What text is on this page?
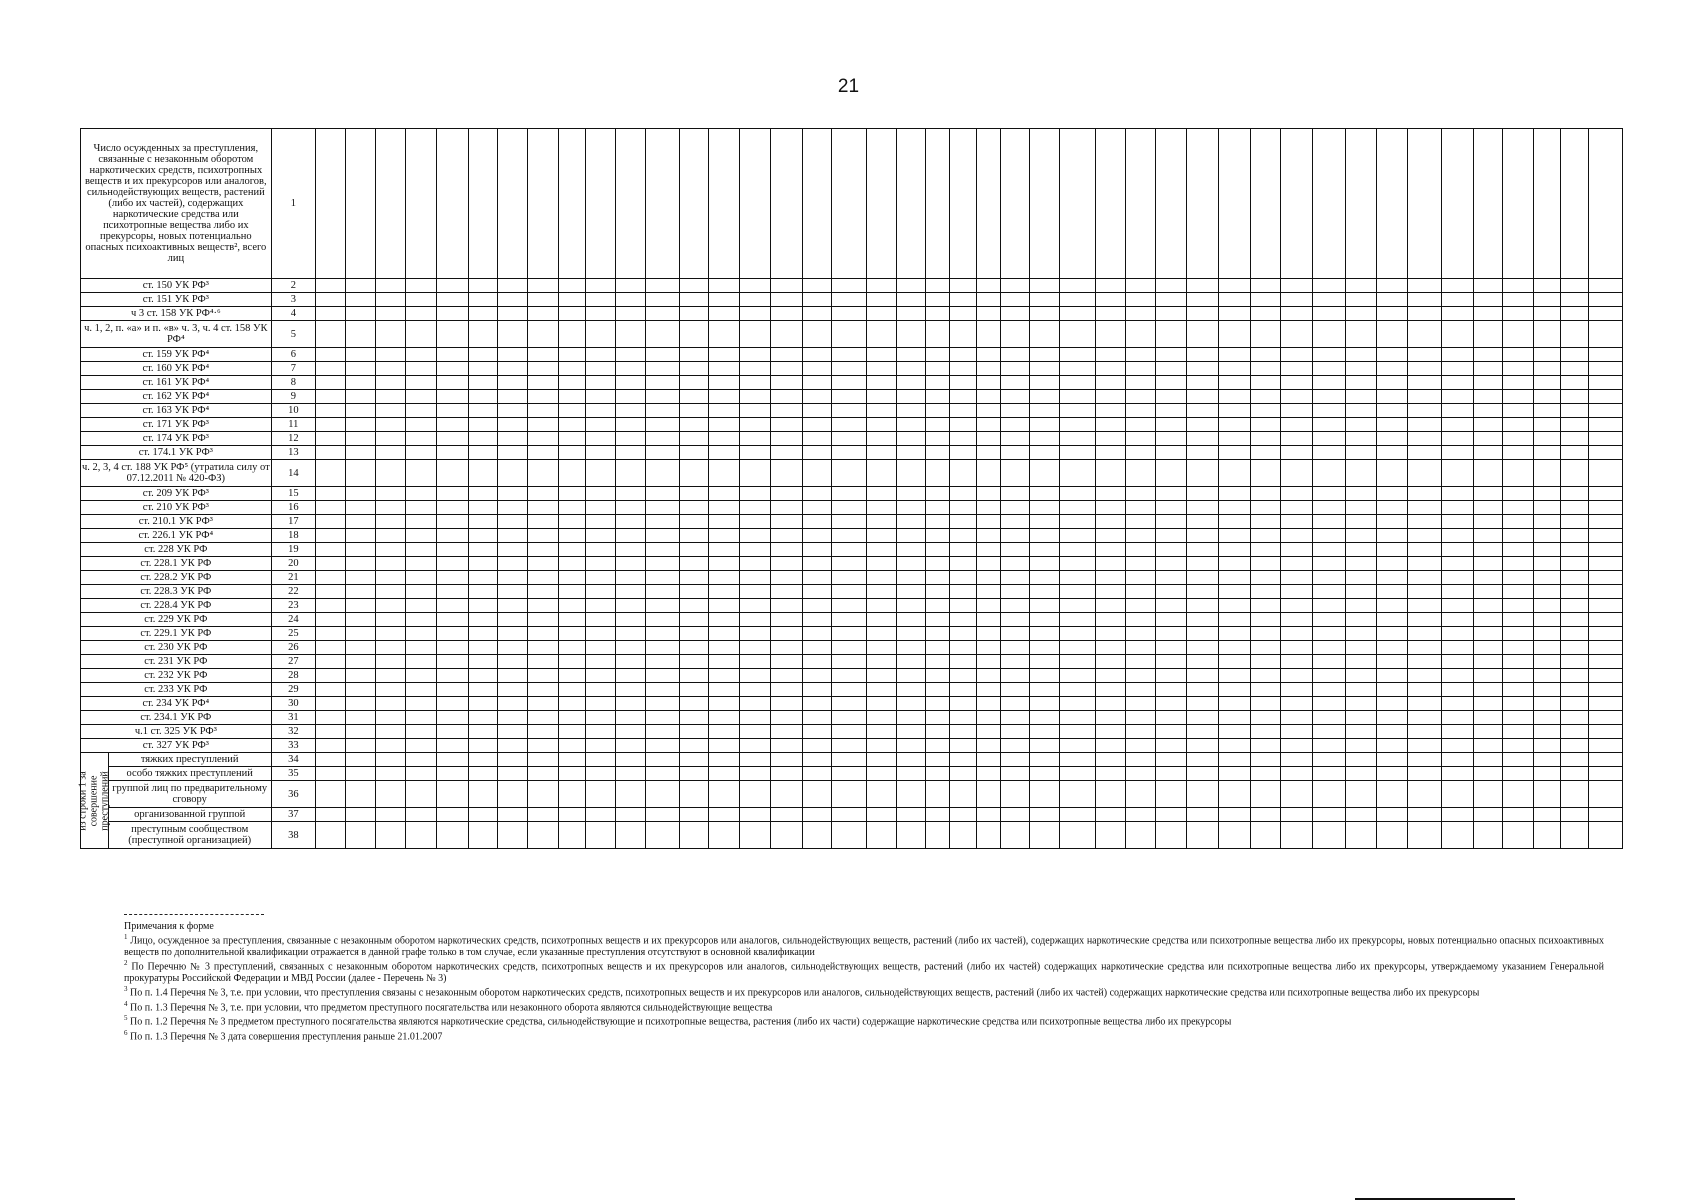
21
Число осужденных за преступления, связанные с незаконным оборотом наркотических средств, психотропных веществ и их прекурсоров или аналогов, сильнодействующих веществ, растений (либо их частей), содержащих наркотические средства или психотропные вещества либо их прекурсоры, новых потенциально опасных психоактивных веществ², всего лиц		1																																											
ст. 150 УК РФ³		2																																											
ст. 151 УК РФ³		3																																											
ч 3 ст. 158 УК РФ⁴·⁶		4																																											
ч. 1, 2, п. «а» и п. «в» ч. 3, ч. 4 ст. 158 УК РФ⁴		5																																											
ст. 159 УК РФ⁴		6																																											
ст. 160 УК РФ⁴		7																																											
ст. 161 УК РФ⁴		8																																											
ст. 162 УК РФ⁴		9																																											
ст. 163 УК РФ⁴		10																																											
ст. 171 УК РФ³		11																																											
ст. 174 УК РФ³		12																																											
ст. 174.1 УК РФ³		13																																											
ч. 2, 3, 4 ст. 188 УК РФ⁵ (утратила силу от 07.12.2011 № 420-ФЗ)		14																																											
ст. 209 УК РФ³		15																																											
ст. 210 УК РФ³		16																																											
ст. 210.1 УК РФ³		17																																											
ст. 226.1 УК РФ⁴		18																																											
ст. 228 УК РФ		19																																											
ст. 228.1 УК РФ		20																																											
ст. 228.2 УК РФ		21																																											
ст. 228.3 УК РФ		22																																											
ст. 228.4 УК РФ		23																																											
ст. 229 УК РФ		24																																											
ст. 229.1 УК РФ		25																																											
ст. 230 УК РФ		26																																											
ст. 231 УК РФ		27																																											
ст. 232 УК РФ		28																																											
ст. 233 УК РФ		29																																											
ст. 234 УК РФ⁴		30																																											
ст. 234.1 УК РФ		31																																											
ч.1 ст. 325 УК РФ³		32																																											
ст. 327 УК РФ³		33																																											

из строки 1 за совершение преступлений	тяжких преступлений	34																																											
	особо тяжких преступлений	35																																											
	группой лиц по предварительному сговору	36																																											
	организованной группой	37																																											
	преступным сообществом (преступной организацией)	38																																											

Примечания к форме

$^1$ Лицо, осужденное за преступления, связанные с незаконным оборотом наркотических средств, психотропных веществ и их прекурсоров или аналогов, сильнодействующих веществ, растений (либо их частей), содержащих наркотические средства или психотропные вещества либо их прекурсоры, новых потенциально опасных психоактивных веществ по дополнительной квалификации отражается в данной графе только в том случае, если указанные преступления отсутствуют в основной квалификации

$^2$ По Перечню № 3 преступлений, связанных с незаконным оборотом наркотических средств, психотропных веществ и их прекурсоров или аналогов, сильнодействующих веществ, растений (либо их частей) содержащих наркотические средства или психотропные вещества либо их прекурсоры, утверждаемому указанием Генеральной прокуратуры Российской Федерации и МВД России (далее - Перечень № 3)

$^3$ По п. 1.4 Перечня № 3, т.е. при условии, что преступления связаны с незаконным оборотом наркотических средств, психотропных веществ и их прекурсоров или аналогов, сильнодействующих веществ, растений (либо их частей) содержащих наркотические средства или психотропные вещества либо их прекурсоры

$^4$ По п. 1.3 Перечня № 3, т.е. при условии, что предметом преступного посягательства или незаконного оборота являются сильнодействующие вещества

$^5$ По п. 1.2 Перечня № 3 предметом преступного посягательства являются наркотические средства, сильнодействующие и психотропные вещества, растения (либо их части) содержащие наркотические средства или психотропные вещества либо их прекурсоры

$^6$ По п. 1.3 Перечня № 3 дата совершения преступления раньше 21.01.2007
